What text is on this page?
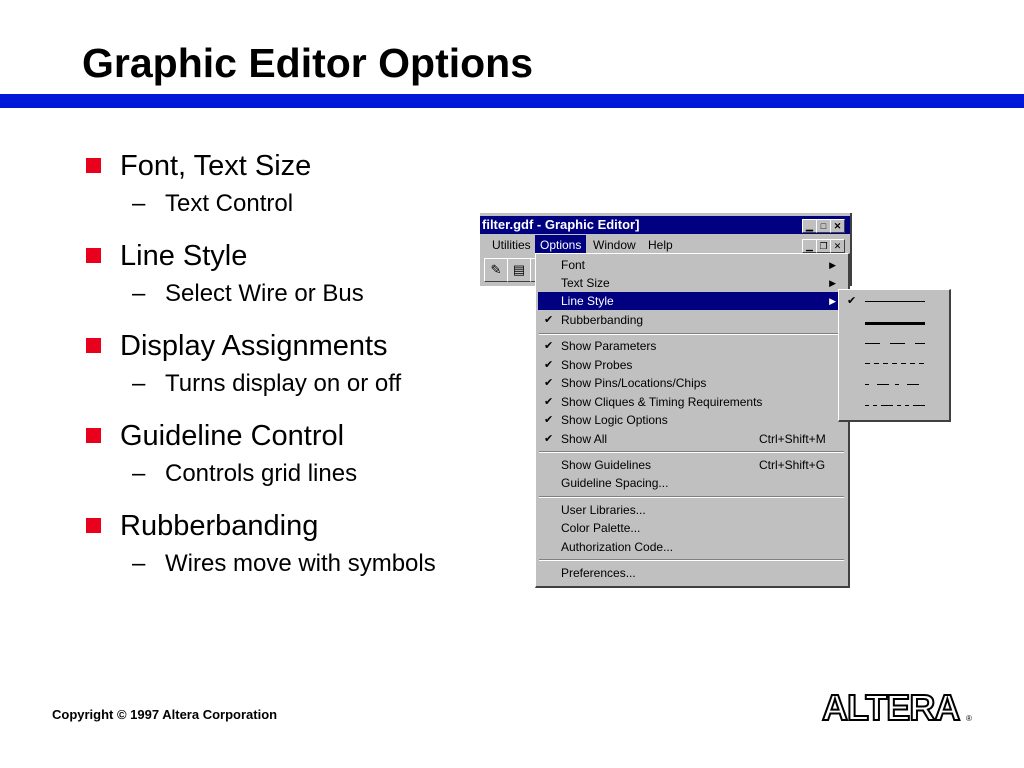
Graphic Editor Options
Font, Text Size
– Text Control
Line Style
– Select Wire or Bus
Display Assignments
– Turns display on or off
Guideline Control
– Controls grid lines
Rubberbanding
– Wires move with symbols
filter.gdf - Graphic Editor]	▁ □ ✕
Utilities Options Window Help	▁ ❐ ✕
✎ ▤	Font	▶
Text Size	▶
Line Style	▶
✔ Rubberbanding
✔ Show Parameters
✔ Show Probes
✔ Show Pins/Locations/Chips
✔ Show Cliques & Timing Requirements
✔ Show Logic Options
✔ Show All	Ctrl+Shift+M
Show Guidelines	Ctrl+Shift+G
Guideline Spacing...
User Libraries...
Color Palette...
Authorization Code...
Preferences...
✔
Copyright © 1997 Altera Corporation	ALTERA ®
